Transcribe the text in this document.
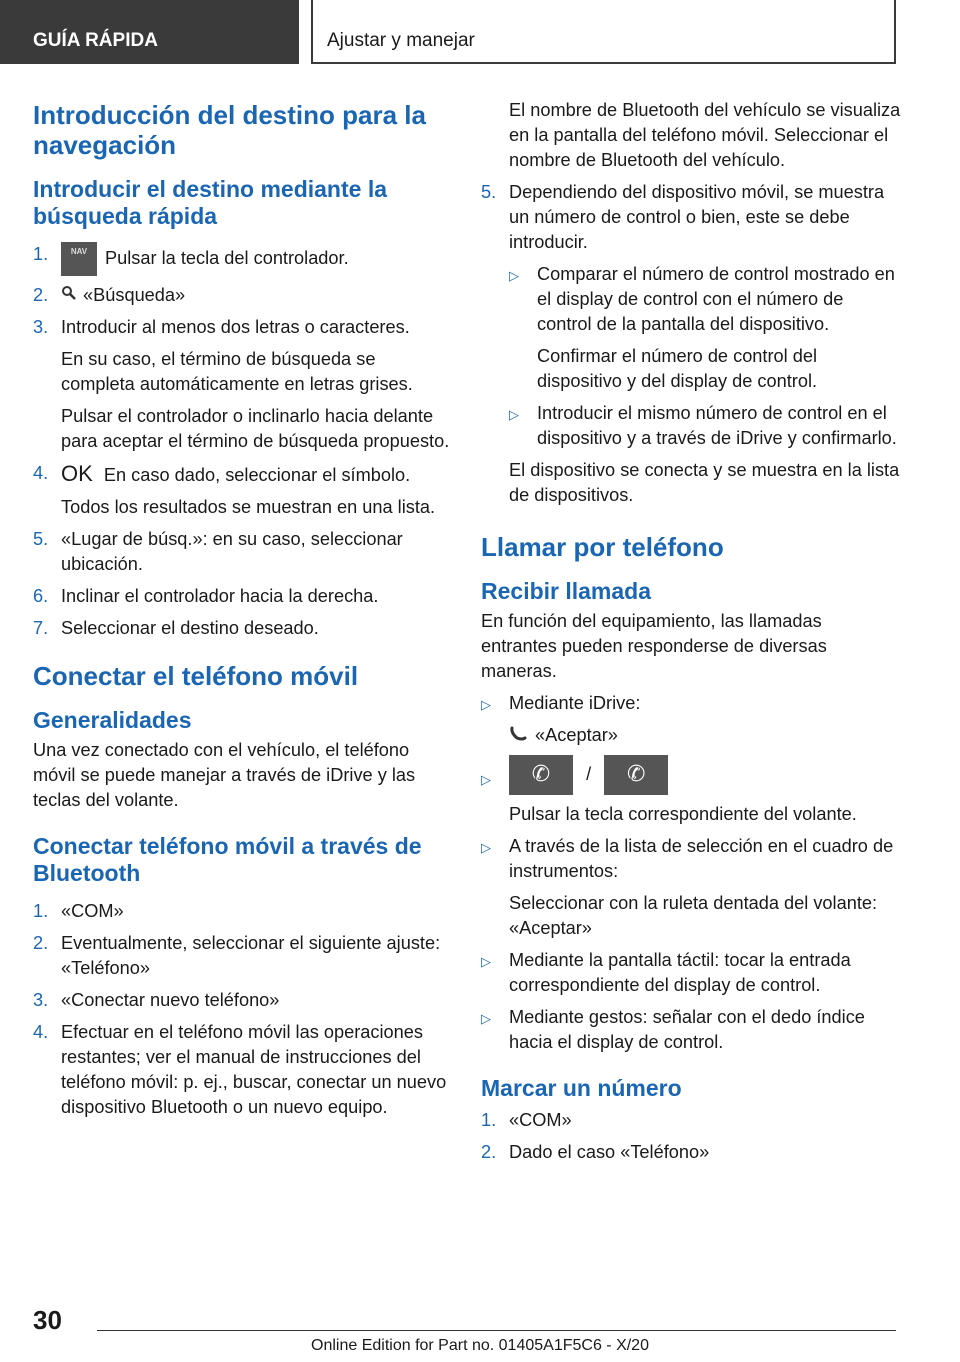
GUÍA RÁPIDA	Ajustar y manejar
Introducción del destino para la navegación
Introducir el destino mediante la búsqueda rápida
1.	NAV Pulsar la tecla del controlador.
2. «Búsqueda»
3. Introducir al menos dos letras o caracteres.

En su caso, el término de búsqueda se completa automáticamente en letras grises.

Pulsar el controlador o inclinarlo hacia delante para aceptar el término de búsqueda propuesto.

4. OK En caso dado, seleccionar el símbolo.

Todos los resultados se muestran en una lista.

5. «Lugar de búsq.»: en su caso, seleccionar ubicación.
6. Inclinar el controlador hacia la derecha.
7. Seleccionar el destino deseado.
Conectar el teléfono móvil
Generalidades

Una vez conectado con el vehículo, el teléfono móvil se puede manejar a través de iDrive y las teclas del volante.

Conectar teléfono móvil a través de Bluetooth
1. «COM»
2. Eventualmente, seleccionar el siguiente ajuste: «Teléfono»
3. «Conectar nuevo teléfono»
4. Efectuar en el teléfono móvil las operaciones restantes; ver el manual de instrucciones del teléfono móvil: p. ej., buscar, conectar un nuevo dispositivo Bluetooth o un nuevo equipo.

El nombre de Bluetooth del vehículo se visualiza en la pantalla del teléfono móvil. Seleccionar el nombre de Bluetooth del vehículo.

5. Dependiendo del dispositivo móvil, se muestra un número de control o bien, este se debe introducir.
▷ Comparar el número de control mostrado en el display de control con el número de control de la pantalla del dispositivo.

Confirmar el número de control del dispositivo y del display de control.

▷ Introducir el mismo número de control en el dispositivo y a través de iDrive y confirmarlo.

El dispositivo se conecta y se muestra en la lista de dispositivos.

Llamar por teléfono
Recibir llamada

En función del equipamiento, las llamadas entrantes pueden responderse de diversas maneras.

▷ Mediante iDrive:
«Aceptar»
▷	✆	/	✆

Pulsar la tecla correspondiente del volante.

▷ A través de la lista de selección en el cuadro de instrumentos:

Seleccionar con la ruleta dentada del volante: «Aceptar»

▷ Mediante la pantalla táctil: tocar la entrada correspondiente del display de control.
▷ Mediante gestos: señalar con el dedo índice hacia el display de control.
Marcar un número
1. «COM»
2. Dado el caso «Teléfono»
30
Online Edition for Part no. 01405A1F5C6 - X/20
